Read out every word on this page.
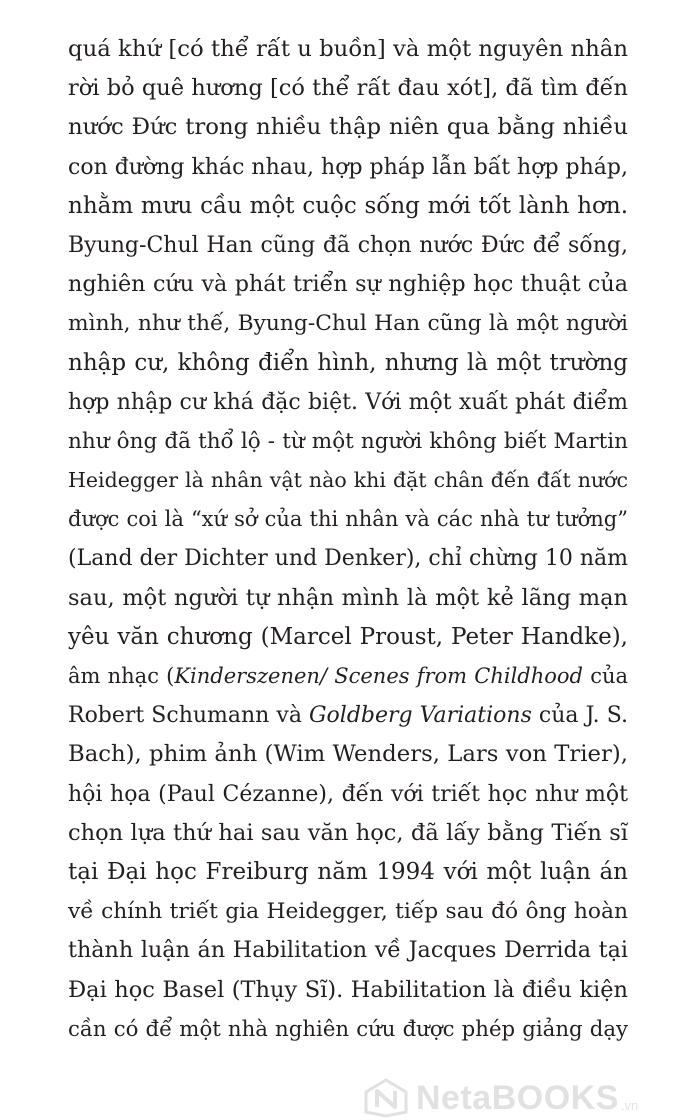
quá khứ [có thể rất u buồn] và một nguyên nhân
rời bỏ quê hương [có thể rất đau xót], đã tìm đến
nước Đức trong nhiều thập niên qua bằng nhiều
con đường khác nhau, hợp pháp lẫn bất hợp pháp,
nhằm mưu cầu một cuộc sống mới tốt lành hơn.
Byung-Chul Han cũng đã chọn nước Đức để sống,
nghiên cứu và phát triển sự nghiệp học thuật của
mình, như thế, Byung-Chul Han cũng là một người
nhập cư, không điển hình, nhưng là một trường
hợp nhập cư khá đặc biệt. Với một xuất phát điểm
như ông đã thổ lộ - từ một người không biết Martin
Heidegger là nhân vật nào khi đặt chân đến đất nước
được coi là “xứ sở của thi nhân và các nhà tư tưởng”
(Land der Dichter und Denker), chỉ chừng 10 năm
sau, một người tự nhận mình là một kẻ lãng mạn
yêu văn chương (Marcel Proust, Peter Handke),
âm nhạc (Kinderszenen/ Scenes from Childhood của
Robert Schumann và Goldberg Variations của J. S.
Bach), phim ảnh (Wim Wenders, Lars von Trier),
hội họa (Paul Cézanne), đến với triết học như một
chọn lựa thứ hai sau văn học, đã lấy bằng Tiến sĩ
tại Đại học Freiburg năm 1994 với một luận án
về chính triết gia Heidegger, tiếp sau đó ông hoàn
thành luận án Habilitation về Jacques Derrida tại
Đại học Basel (Thụy Sĩ). Habilitation là điều kiện
cần có để một nhà nghiên cứu được phép giảng dạy
NetaBOOKS .vn
